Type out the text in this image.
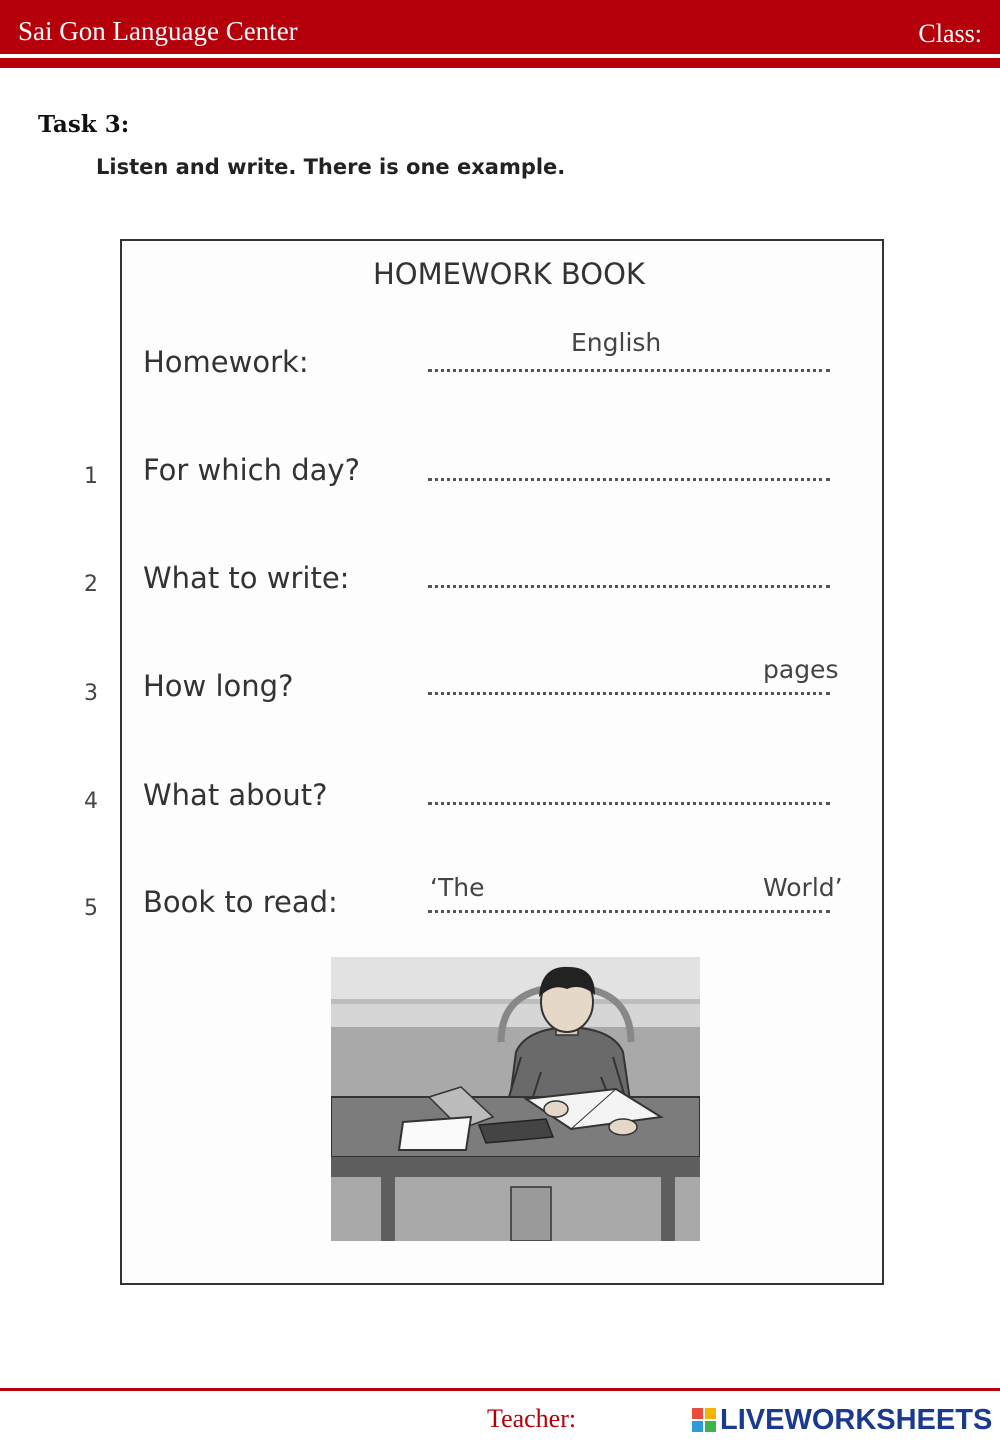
Sai Gon Language Center	Class:
Task 3:
Listen and write. There is one example.
HOMEWORK BOOK
Homework:
English
1 For which day?
2 What to write:
3 How long?	pages
4 What about?
5 Book to read:	‘The	World’
Teacher:	LIVEWORKSHEETS
